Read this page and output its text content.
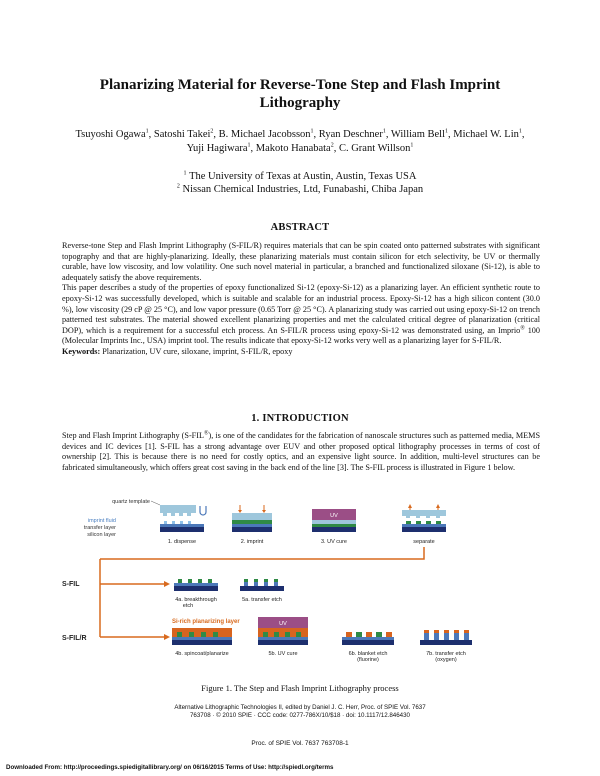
Planarizing Material for Reverse-Tone Step and Flash Imprint Lithography
Tsuyoshi Ogawa$^1$, Satoshi Takei$^2$, B. Michael Jacobsson$^1$, Ryan Deschner$^1$, William Bell$^1$, Michael W. Lin$^1$, Yuji Hagiwara$^1$, Makoto Hanabata$^2$, C. Grant Willson$^1$
$^1$ The University of Texas at Austin, Austin, Texas USA
$^2$ Nissan Chemical Industries, Ltd, Funabashi, Chiba Japan
ABSTRACT

Reverse-tone Step and Flash Imprint Lithography (S-FIL/R) requires materials that can be spin coated onto patterned substrates with significant topography and that are highly-planarizing. Ideally, these planarizing materials must contain silicon for etch selectivity, be UV or thermally curable, have low viscosity, and low volatility. One such novel material in particular, a branched and functionalized siloxane (Si-12), is able to adequately satisfy the above requirements.

This paper describes a study of the properties of epoxy functionalized Si-12 (epoxy-Si-12) as a planarizing layer. An efficient synthetic route to epoxy-Si-12 was successfully developed, which is suitable and scalable for an industrial process. Epoxy-Si-12 has a high silicon content (30.0 %), low viscosity (29 cP @ 25 °C), and low vapor pressure (0.65 Torr @ 25 °C). A planarizing study was carried out using epoxy-Si-12 on trench patterned test substrates. The material showed excellent planarizing properties and met the calculated critical degree of planarization (critical DOP), which is a requirement for a successful etch process. An S-FIL/R process using epoxy-Si-12 was demonstrated using, an Imprio® 100 (Molecular Imprints Inc., USA) imprint tool. The results indicate that epoxy-Si-12 works very well as a planarizing layer for S-FIL/R.

Keywords: Planarization, UV cure, siloxane, imprint, S-FIL/R, epoxy

1. INTRODUCTION

Step and Flash Imprint Lithography (S-FIL®), is one of the candidates for the fabrication of nanoscale structures such as patterned media, MEMS devices and IC devices [1]. S-FIL has a strong advantage over EUV and other proposed optical lithography processes in terms of cost of ownership [2]. This is because there is no need for costly optics, and an expensive light source. In addition, multi-level structures can be fabricated simultaneously, which offers great cost saving in the back end of the line [3]. The S-FIL process is illustrated in Figure 1 below.

quartz template
imprint fluid
transfer layer
silicon layer
1. dispense	2. imprint
UV
3. UV cure	separate
S-FIL
S-FIL/R
4a. breakthrough
etch
5a. transfer etch
Si-rich planarizing layer
4b. spincoat/planarize
UV
5b. UV cure	6b. blanket etch
(fluorine)
7b. transfer etch
(oxygen)
Figure 1. The Step and Flash Imprint Lithography process
Alternative Lithographic Technologies II, edited by Daniel J. C. Herr, Proc. of SPIE Vol. 7637
763708 · © 2010 SPIE · CCC code: 0277-786X/10/$18 · doi: 10.1117/12.846430
Proc. of SPIE Vol. 7637 763708-1
Downloaded From: http://proceedings.spiedigitallibrary.org/ on 06/16/2015 Terms of Use: http://spiedl.org/terms
